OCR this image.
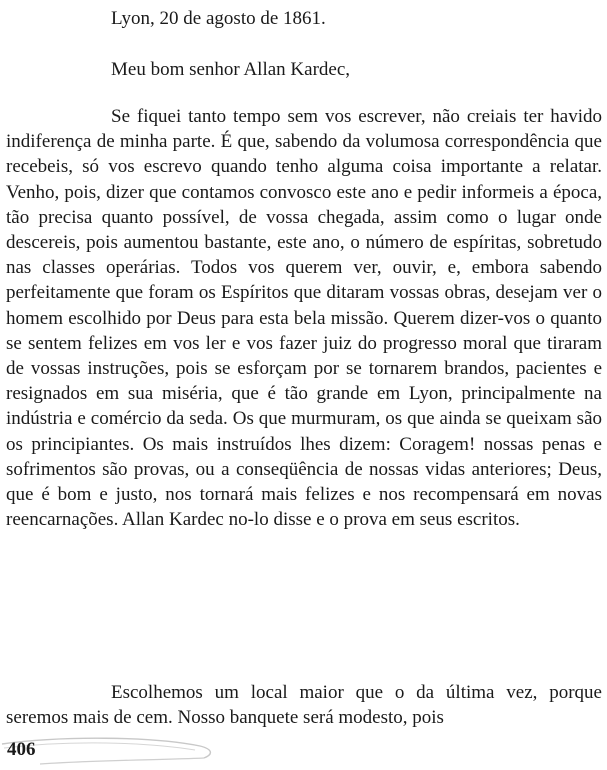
Lyon, 20 de agosto de 1861.
Meu bom senhor Allan Kardec,

Se fiquei tanto tempo sem vos escrever, não creiais ter havido indiferença de minha parte. É que, sabendo da volumosa correspondência que recebeis, só vos escrevo quando tenho alguma coisa importante a relatar. Venho, pois, dizer que contamos convosco este ano e pedir informeis a época, tão precisa quanto possível, de vossa chegada, assim como o lugar onde descereis, pois aumentou bastante, este ano, o número de espíritas, sobretudo nas classes operárias. Todos vos querem ver, ouvir, e, embora sabendo perfeitamente que foram os Espíritos que ditaram vossas obras, desejam ver o homem escolhido por Deus para esta bela missão. Querem dizer-vos o quanto se sentem felizes em vos ler e vos fazer juiz do progresso moral que tiraram de vossas instruções, pois se esforçam por se tornarem brandos, pacientes e resignados em sua miséria, que é tão grande em Lyon, principalmente na indústria e comércio da seda. Os que murmuram, os que ainda se queixam são os principiantes. Os mais instruídos lhes dizem: Coragem! nossas penas e sofrimentos são provas, ou a conseqüência de nossas vidas anteriores; Deus, que é bom e justo, nos tornará mais felizes e nos recompensará em novas reencarnações. Allan Kardec no-lo disse e o prova em seus escritos.

Escolhemos um local maior que o da última vez, porque seremos mais de cem. Nosso banquete será modesto, pois

406
